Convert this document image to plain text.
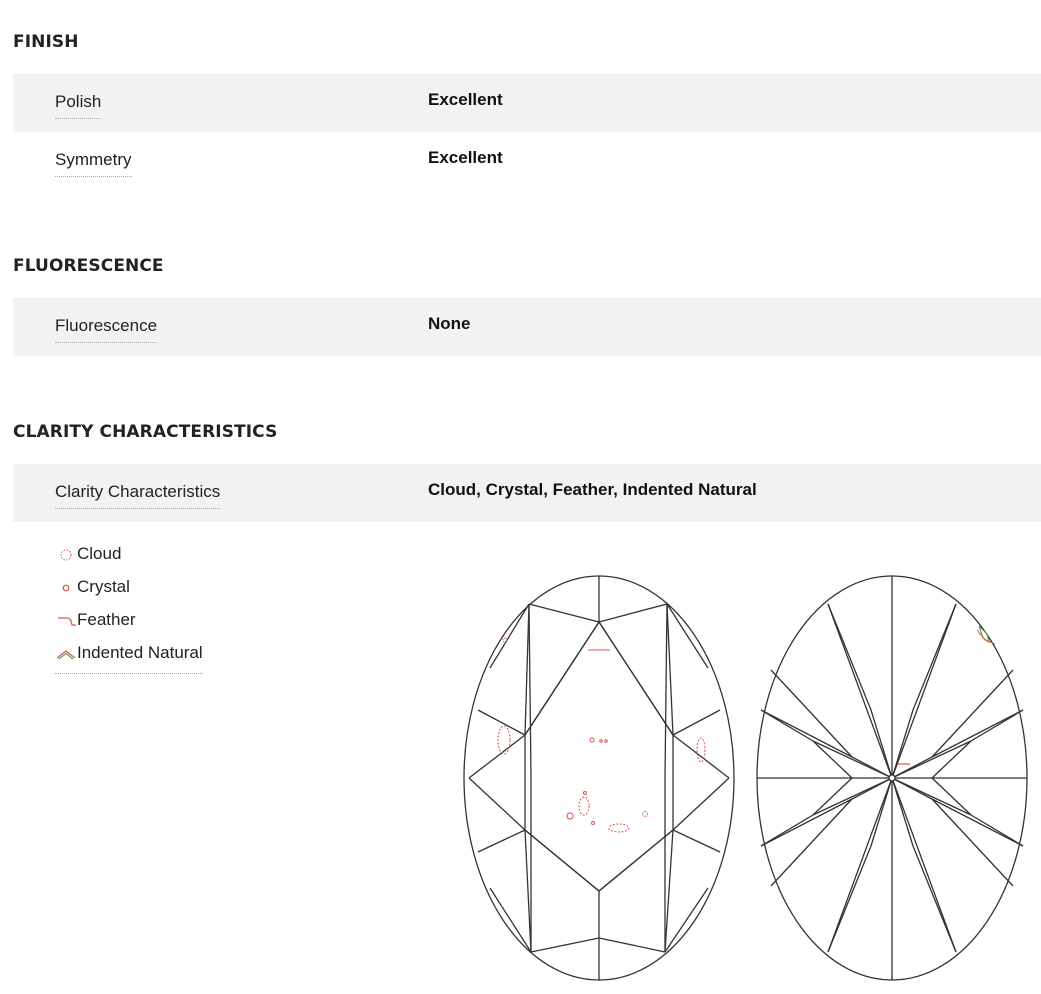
FINISH
Polish	Excellent
Symmetry	Excellent
FLUORESCENCE
Fluorescence	None
CLARITY CHARACTERISTICS
Clarity Characteristics	Cloud, Crystal, Feather, Indented Natural
Cloud
Crystal
Feather
Indented Natural
